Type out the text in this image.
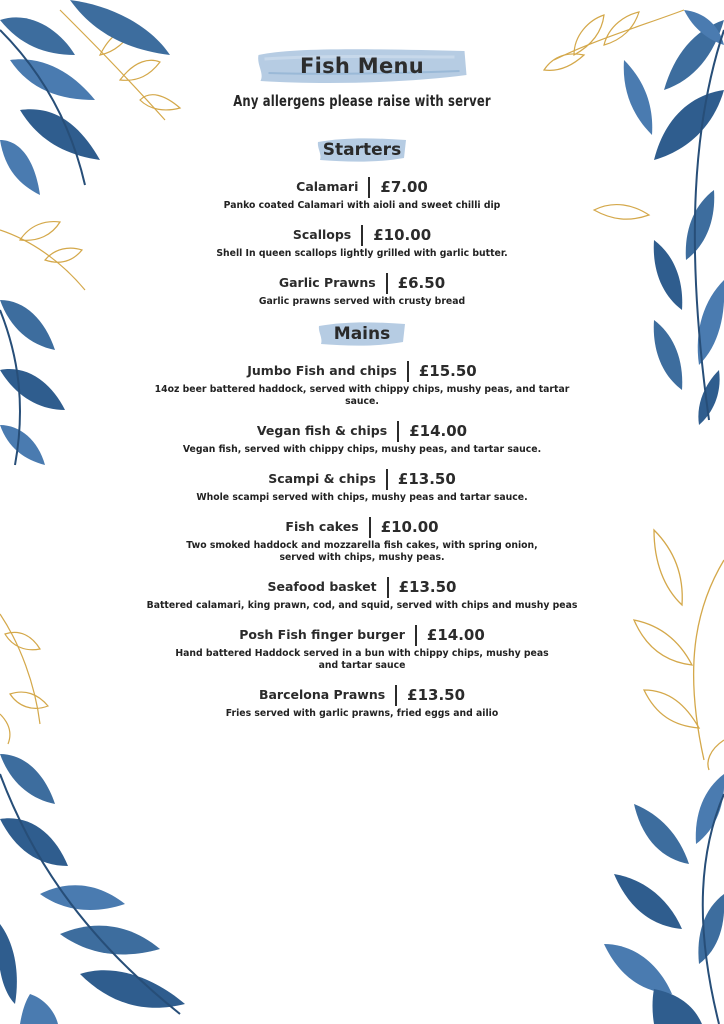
Fish Menu
Any allergens please raise with server
Starters
Calamari £7.00
Panko coated Calamari with aioli and sweet chilli dip
Scallops £10.00
Shell In queen scallops lightly grilled with garlic butter.
Garlic Prawns £6.50
Garlic prawns served with crusty bread
Mains
Jumbo Fish and chips £15.50
14oz beer battered haddock, served with chippy chips, mushy peas, and tartar sauce.
Vegan fish & chips £14.00
Vegan fish, served with chippy chips, mushy peas, and tartar sauce.
Scampi & chips £13.50
Whole scampi served with chips, mushy peas and tartar sauce.
Fish cakes £10.00
Two smoked haddock and mozzarella fish cakes, with spring onion, served with chips, mushy peas.
Seafood basket £13.50
Battered calamari, king prawn, cod, and squid, served with chips and mushy peas
Posh Fish finger burger £14.00
Hand battered Haddock served in a bun with chippy chips, mushy peas and tartar sauce
Barcelona Prawns £13.50
Fries served with garlic prawns, fried eggs and ailio
